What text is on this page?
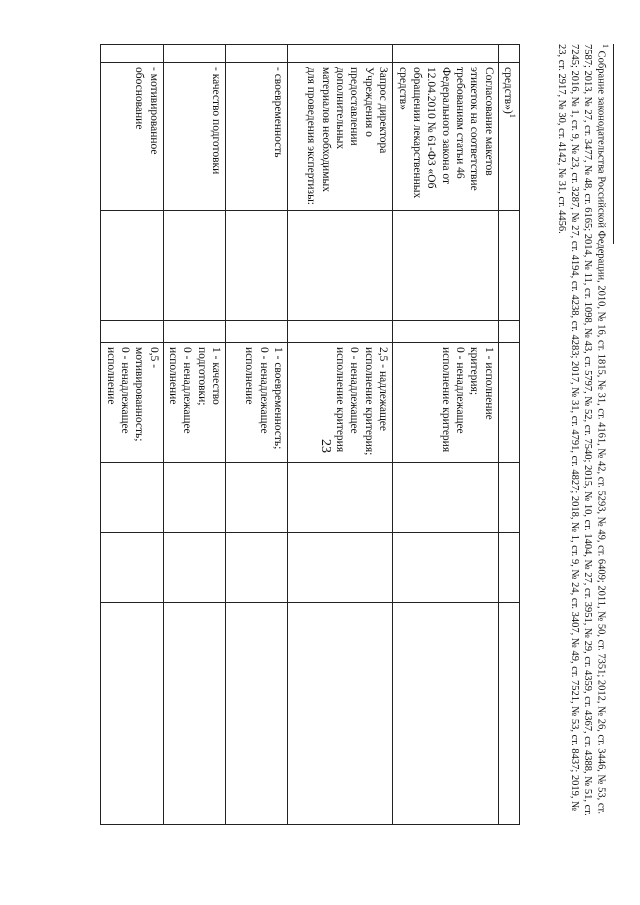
23
	средств»)$^1$						
	Согласование макетов этикеток на соответствие требованиям статьи 46 Федерального закона от 12.04.2010 № 61-ФЗ «Об обращении лекарственных средств»			1 - исполнение критерия;
0 - ненадлежащее исполнение критерия			
	Запрос директора Учреждения о предоставлении дополнительных материалов необходимых для проведения экспертизы:			2,5 - надлежащее исполнение критерия;
0 - ненадлежащее исполнение критерия			
	- своевременность			1 - своевременность;
0 - ненадлежащее исполнение			
	- качество подготовки			1 - качество подготовки;
0 - ненадлежащее исполнение			
	- мотивированное обоснование			0,5 - мотивированность;
0 - ненадлежащее исполнение			
$^1$ Собрание законодательства Российской Федерации, 2010, № 16, ст. 1815, № 31, ст. 4161, № 42, ст. 5293, № 49, ст. 6409; 2011, № 50, ст. 7351; 2012, № 26, ст. 3446, № 53, ст. 7587; 2013, № 27, ст. 3477, № 48, ст. 6165; 2014, № 11, ст. 1098, № 43, ст. 5797, № 52, ст. 7540; 2015, № 10, ст. 1404, № 27, ст. 3951, № 29, ст. 4359, ст. 4367, ст. 4388, № 51, ст. 7245; 2016, № 1, ст. 9, № 23, ст. 3287, № 27, ст. 4194, ст. 4238, ст. 4283; 2017, № 31, ст. 4791, ст. 4827; 2018, № 1, ст. 9, № 24, ст. 3407, № 49, ст. 7521, № 53, ст. 8437; 2019, № 23, ст. 2917, № 30, ст. 4142, № 31, ст. 4456.
